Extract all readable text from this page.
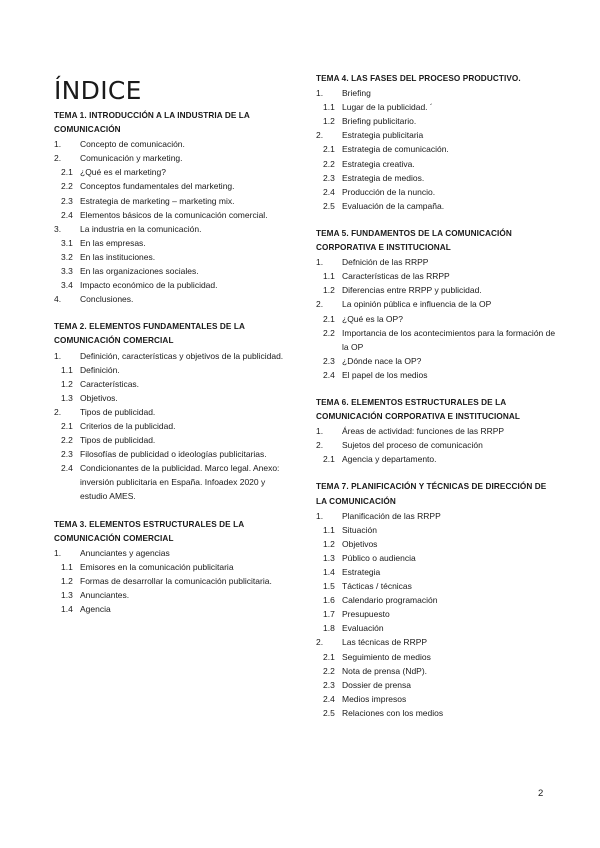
ÍNDICE
TEMA 1. INTRODUCCIÓN A LA INDUSTRIA DE LA COMUNICACIÓN
1.	Concepto de comunicación.
2.	Comunicación y marketing.
2.1 ¿Qué es el marketing?
2.2 Conceptos fundamentales del marketing.
2.3 Estrategia de marketing – marketing mix.
2.4 Elementos básicos de la comunicación comercial.
3.	La industria en la comunicación.
3.1 En las empresas.
3.2 En las instituciones.
3.3 En las organizaciones sociales.
3.4 Impacto económico de la publicidad.
4.	Conclusiones.
TEMA 2. ELEMENTOS FUNDAMENTALES DE LA COMUNICACIÓN COMERCIAL
1.	Definición, características y objetivos de la publicidad.
1.1 Definición.
1.2 Características.
1.3 Objetivos.
2.	Tipos de publicidad.
2.1 Criterios de la publicidad.
2.2 Tipos de publicidad.
2.3 Filosofías de publicidad o ideologías publicitarias.
2.4 Condicionantes de la publicidad. Marco legal. Anexo: inversión publicitaria en España. Infoadex 2020 y estudio AMES.
TEMA 3. ELEMENTOS ESTRUCTURALES DE LA COMUNICACIÓN COMERCIAL
1.	Anunciantes y agencias
1.1 Emisores en la comunicación publicitaria
1.2 Formas de desarrollar la comunicación publicitaria.
1.3 Anunciantes.
1.4 Agencia
TEMA 4. LAS FASES DEL PROCESO PRODUCTIVO.
1.	Briefing
1.1 Lugar de la publicidad. ´
1.2 Briefing publicitario.
2.	Estrategia publicitaria
2.1 Estrategia de comunicación.
2.2 Estrategia creativa.
2.3 Estrategia de medios.
2.4 Producción de la nuncio.
2.5 Evaluación de la campaña.
TEMA 5. FUNDAMENTOS DE LA COMUNICACIÓN CORPORATIVA E INSTITUCIONAL
1.	Defnición de las RRPP
1.1 Características de las RRPP
1.2 Diferencias entre RRPP y publicidad.
2.	La opinión pública e influencia de la OP
2.1 ¿Qué es la OP?
2.2 Importancia de los acontecimientos para la formación de la OP
2.3 ¿Dónde nace la OP?
2.4 El papel de los medios
TEMA 6. ELEMENTOS ESTRUCTURALES DE LA COMUNICACIÓN CORPORATIVA E INSTITUCIONAL
1.	Áreas de actividad: funciones de las RRPP
2.	Sujetos del proceso de comunicación
2.1 Agencia y departamento.
TEMA 7. PLANIFICACIÓN Y TÉCNICAS DE DIRECCIÓN DE LA COMUNICACIÓN
1.	Planificación de las RRPP
1.1 Situación
1.2 Objetivos
1.3 Público o audiencia
1.4 Estrategia
1.5 Tácticas / técnicas
1.6 Calendario programación
1.7 Presupuesto
1.8 Evaluación
2.	Las técnicas de RRPP
2.1 Seguimiento de medios
2.2 Nota de prensa (NdP).
2.3 Dossier de prensa
2.4 Medios impresos
2.5 Relaciones con los medios
2
